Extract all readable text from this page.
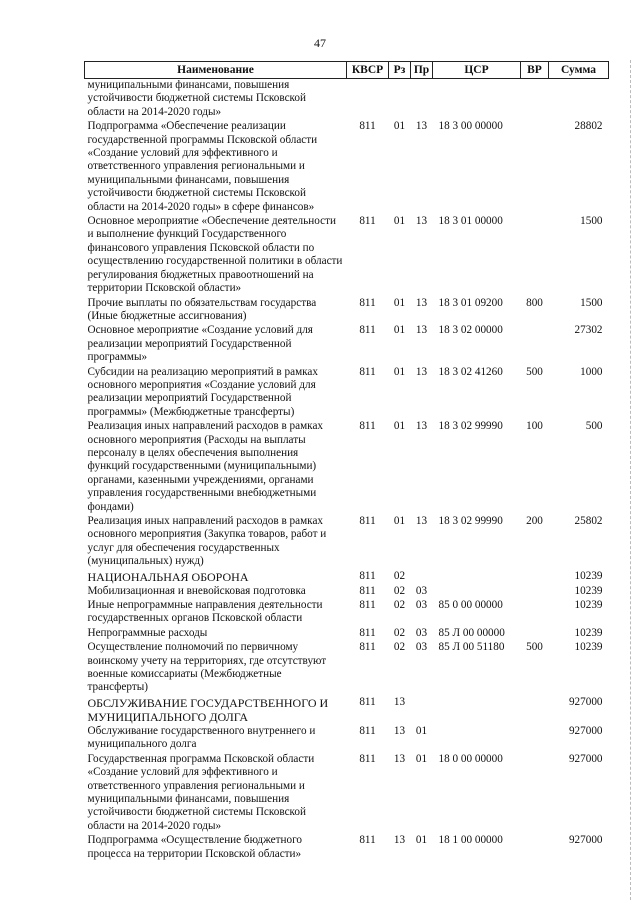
47
Наименование	КВСР	Рз	Пр	ЦСР	ВР	Сумма
муниципальными финансами, повышения устойчивости бюджетной системы Псковской области на 2014-2020 годы»						
Подпрограмма «Обеспечение реализации государственной программы Псковской области «Создание условий для эффективного и ответственного управления региональными и муниципальными финансами, повышения устойчивости бюджетной системы Псковской области на 2014-2020 годы» в сфере финансов»	811	01	13	18 3 00 00000		28802
Основное мероприятие «Обеспечение деятельности и выполнение функций Государственного финансового управления Псковской области по осуществлению государственной политики в области регулирования бюджетных правоотношений на территории Псковской области»	811	01	13	18 3 01 00000		1500
Прочие выплаты по обязательствам государства (Иные бюджетные ассигнования)	811	01	13	18 3 01 09200	800	1500
Основное мероприятие «Создание условий для реализации мероприятий Государственной программы»	811	01	13	18 3 02 00000		27302
Субсидии на реализацию мероприятий в рамках основного мероприятия «Создание условий для реализации мероприятий Государственной программы» (Межбюджетные трансферты)	811	01	13	18 3 02 41260	500	1000
Реализация иных направлений расходов в рамках основного мероприятия (Расходы на выплаты персоналу в целях обеспечения выполнения функций государственными (муниципальными) органами, казенными учреждениями, органами управления государственными внебюджетными фондами)	811	01	13	18 3 02 99990	100	500
Реализация иных направлений расходов в рамках основного мероприятия (Закупка товаров, работ и услуг для обеспечения государственных (муниципальных) нужд)	811	01	13	18 3 02 99990	200	25802
НАЦИОНАЛЬНАЯ ОБОРОНА	811	02				10239
Мобилизационная и вневойсковая подготовка	811	02	03			10239
Иные непрограммные направления деятельности государственных органов Псковской области	811	02	03	85 0 00 00000		10239
Непрограммные расходы	811	02	03	85 Л 00 00000		10239
Осуществление полномочий по первичному воинскому учету на территориях, где отсутствуют военные комиссариаты (Межбюджетные трансферты)	811	02	03	85 Л 00 51180	500	10239
ОБСЛУЖИВАНИЕ ГОСУДАРСТВЕННОГО И МУНИЦИПАЛЬНОГО ДОЛГА	811	13				927000
Обслуживание государственного внутреннего и муниципального долга	811	13	01			927000
Государственная программа Псковской области «Создание условий для эффективного и ответственного управления региональными и муниципальными финансами, повышения устойчивости бюджетной системы Псковской области на 2014-2020 годы»	811	13	01	18 0 00 00000		927000
Подпрограмма «Осуществление бюджетного процесса на территории Псковской области»	811	13	01	18 1 00 00000		927000
